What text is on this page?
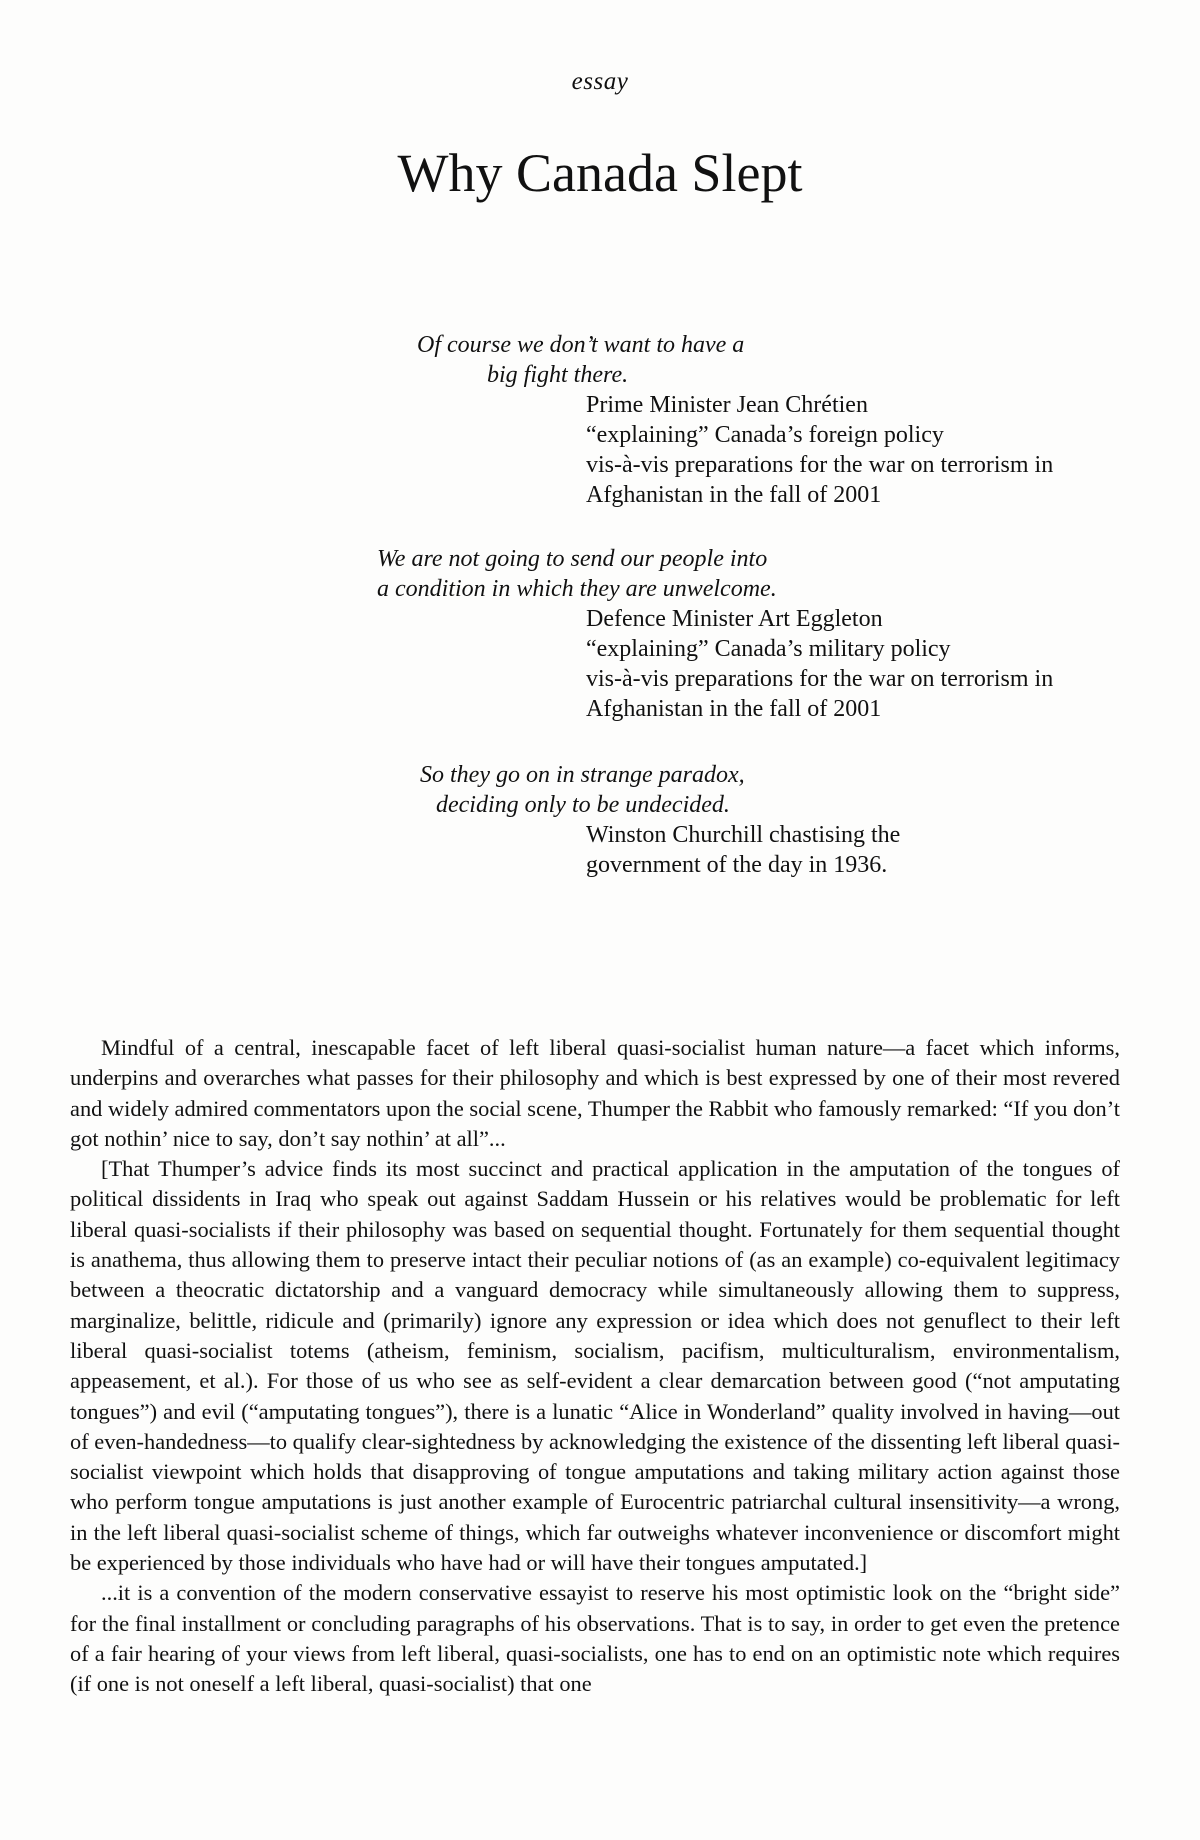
essay
Why Canada Slept
Of course we don’t want to have a
big fight there.
Prime Minister Jean Chrétien
“explaining” Canada’s foreign policy
vis-à-vis preparations for the war on terrorism in
Afghanistan in the fall of 2001
We are not going to send our people into
a condition in which they are unwelcome.
Defence Minister Art Eggleton
“explaining” Canada’s military policy
vis-à-vis preparations for the war on terrorism in
Afghanistan in the fall of 2001
So they go on in strange paradox,
deciding only to be undecided.
Winston Churchill chastising the
government of the day in 1936.

Mindful of a central, inescapable facet of left liberal quasi-socialist human nature—a facet which informs, underpins and overarches what passes for their philosophy and which is best expressed by one of their most revered and widely admired commentators upon the social scene, Thumper the Rabbit who famously remarked: “If you don’t got nothin’ nice to say, don’t say nothin’ at all”...

[That Thumper’s advice finds its most succinct and practical application in the amputation of the tongues of political dissidents in Iraq who speak out against Saddam Hussein or his relatives would be problematic for left liberal quasi-socialists if their philosophy was based on sequential thought. Fortunately for them sequential thought is anathema, thus allowing them to preserve intact their peculiar notions of (as an example) co-equivalent legitimacy between a theocratic dictatorship and a vanguard democracy while simultaneously allowing them to suppress, marginalize, belittle, ridicule and (primarily) ignore any expression or idea which does not genuflect to their left liberal quasi-socialist totems (atheism, feminism, socialism, pacifism, multiculturalism, environmentalism, appeasement, et al.). For those of us who see as self-evident a clear demarcation between good (“not amputating tongues”) and evil (“amputating tongues”), there is a lunatic “Alice in Wonderland” quality involved in having—out of even-handedness—to qualify clear-sightedness by acknowledging the existence of the dissenting left liberal quasi-socialist viewpoint which holds that disapproving of tongue amputations and taking military action against those who perform tongue amputations is just another example of Eurocentric patriarchal cultural insensitivity—a wrong, in the left liberal quasi-socialist scheme of things, which far outweighs whatever inconvenience or discomfort might be experienced by those individuals who have had or will have their tongues amputated.]

...it is a convention of the modern conservative essayist to reserve his most optimistic look on the “bright side” for the final installment or concluding paragraphs of his observations. That is to say, in order to get even the pretence of a fair hearing of your views from left liberal, quasi-socialists, one has to end on an optimistic note which requires (if one is not oneself a left liberal, quasi-socialist) that one
